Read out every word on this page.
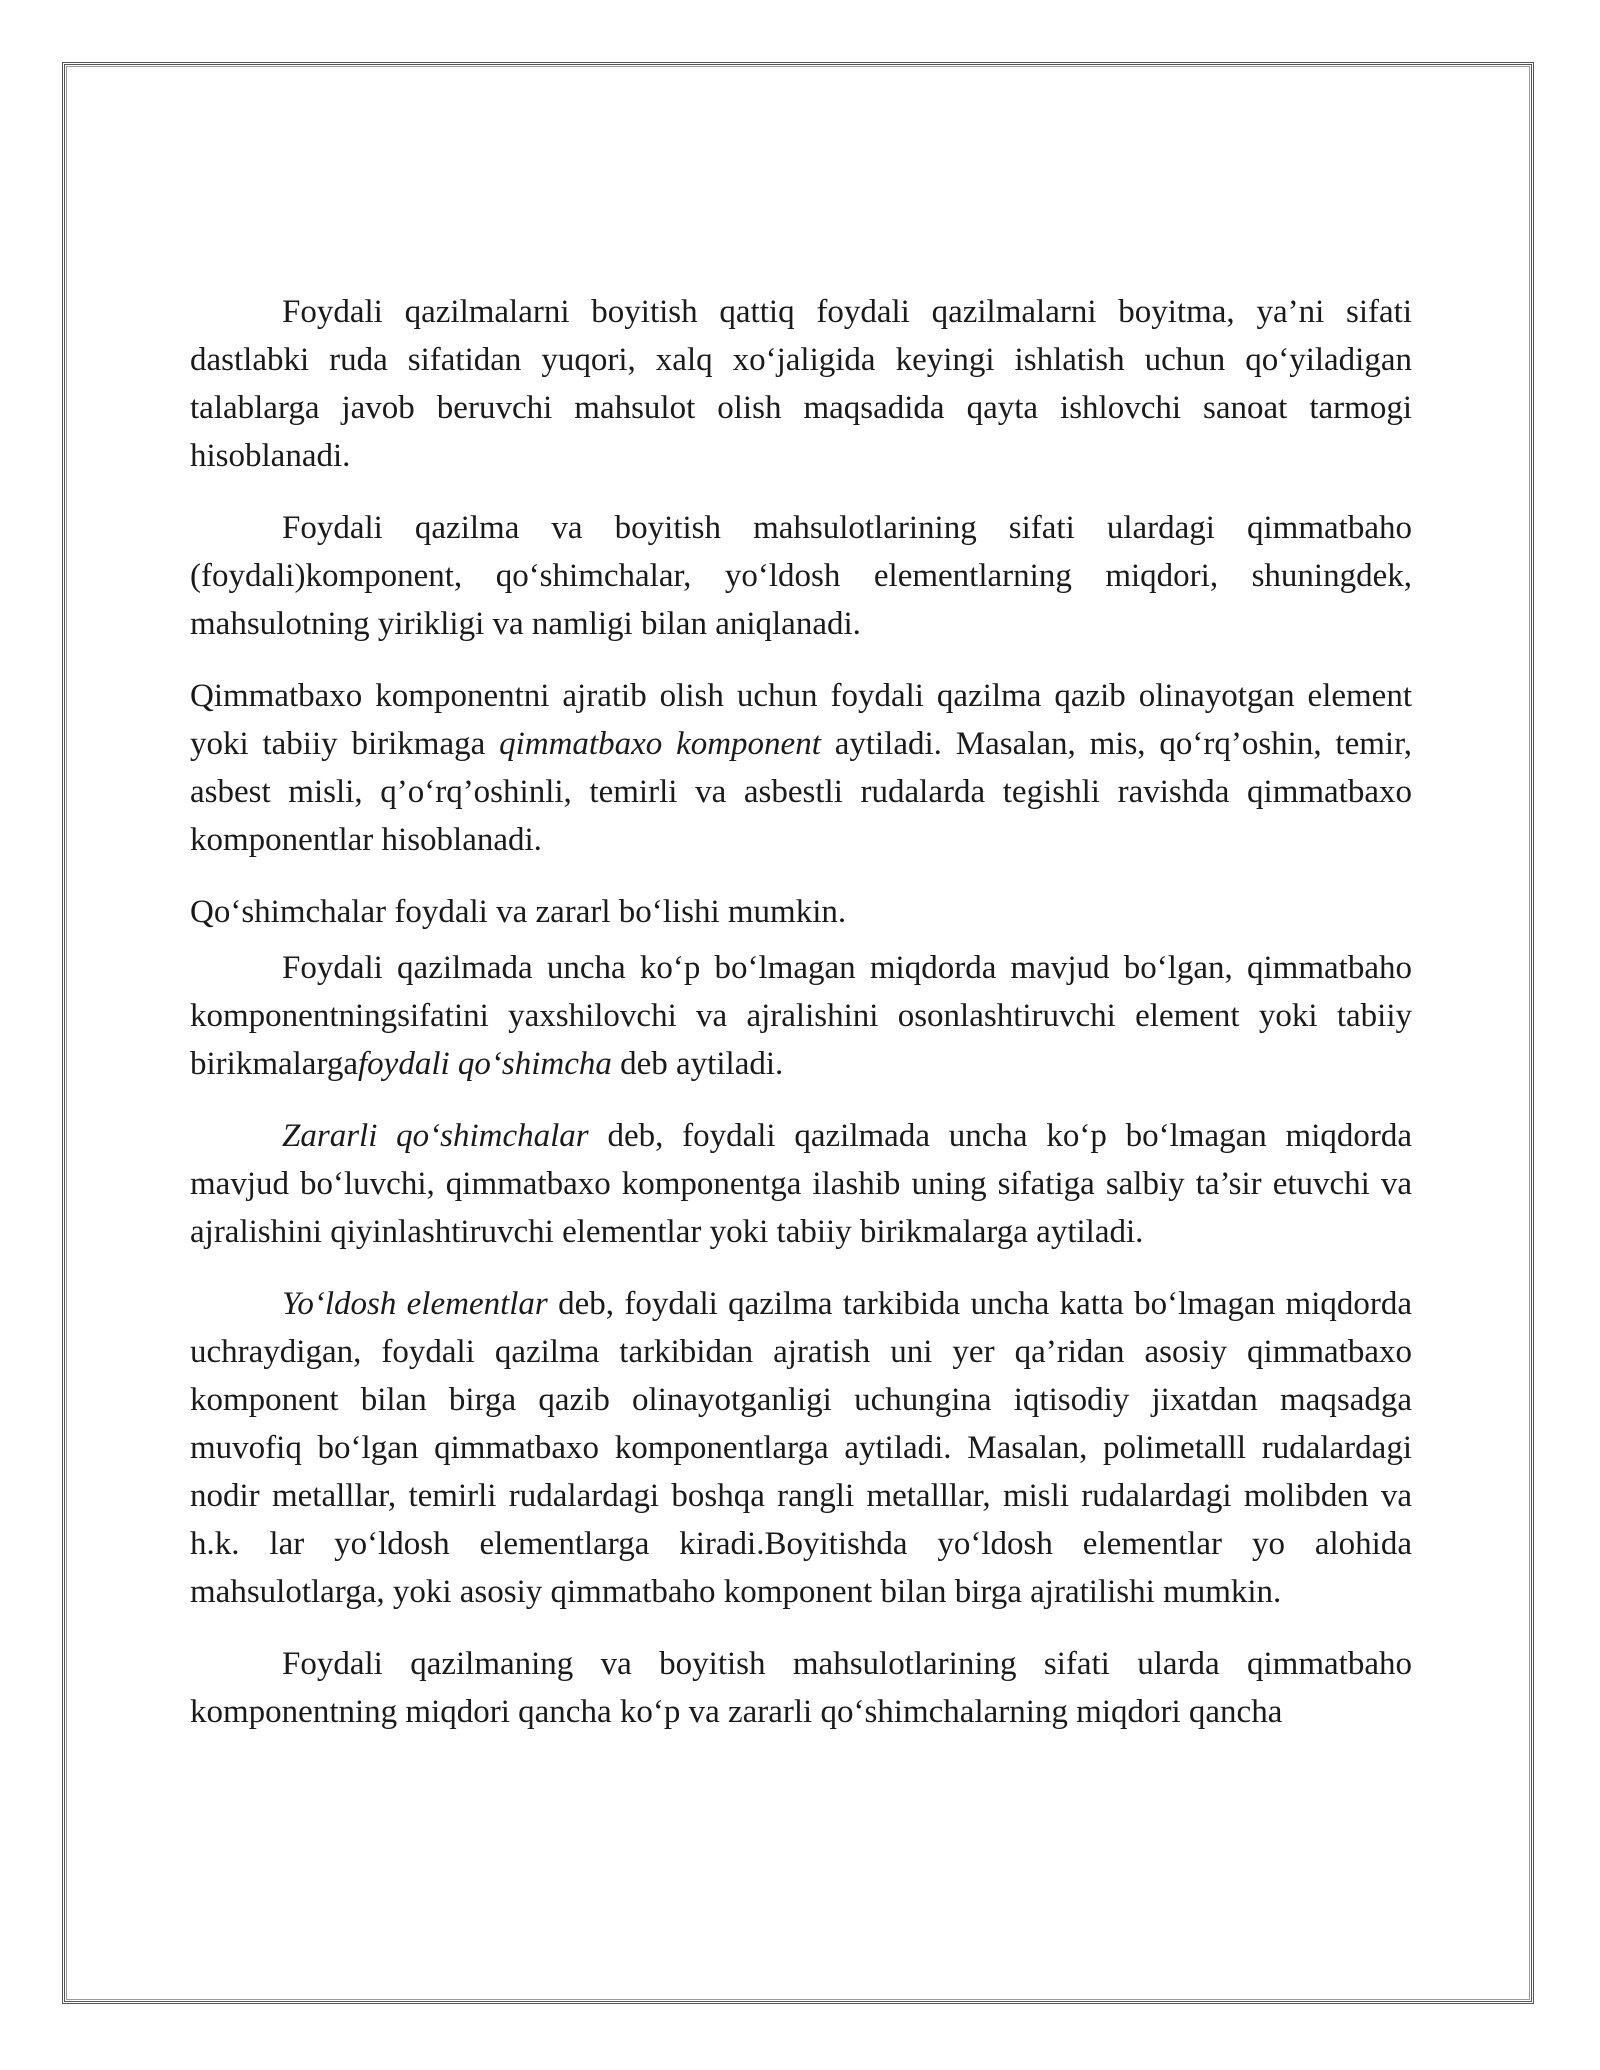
Foydali qazilmalarni boyitish qattiq foydali qazilmalarni boyitma, ya’ni sifati dastlabki ruda sifatidan yuqori, xalq xo‘jaligida keyingi ishlatish uchun qo‘yiladigan talablarga javob beruvchi mahsulot olish maqsadida qayta ishlovchi sanoat tarmogi hisoblanadi.

Foydali qazilma va boyitish mahsulotlarining sifati ulardagi qimmatbaho (foydali)komponent, qo‘shimchalar, yo‘ldosh elementlarning miqdori, shuningdek, mahsulotning yirikligi va namligi bilan aniqlanadi.

Qimmatbaxo komponentni ajratib olish uchun foydali qazilma qazib olinayotgan element yoki tabiiy birikmaga qimmatbaxo komponent aytiladi. Masalan, mis, qo‘rq’oshin, temir, asbest misli, q’o‘rq’oshinli, temirli va asbestli rudalarda tegishli ravishda qimmatbaxo komponentlar hisoblanadi.

Qo‘shimchalar foydali va zararl bo‘lishi mumkin.

Foydali qazilmada uncha ko‘p bo‘lmagan miqdorda mavjud bo‘lgan, qimmatbaho komponentningsifatini yaxshilovchi va ajralishini osonlashtiruvchi element yoki tabiiy birikmalargafoydali qo‘shimcha deb aytiladi.

Zararli qo‘shimchalar deb, foydali qazilmada uncha ko‘p bo‘lmagan miqdorda mavjud bo‘luvchi, qimmatbaxo komponentga ilashib uning sifatiga salbiy ta’sir etuvchi va ajralishini qiyinlashtiruvchi elementlar yoki tabiiy birikmalarga aytiladi.

Yo‘ldosh elementlar deb, foydali qazilma tarkibida uncha katta bo‘lmagan miqdorda uchraydigan, foydali qazilma tarkibidan ajratish uni yer qa’ridan asosiy qimmatbaxo komponent bilan birga qazib olinayotganligi uchungina iqtisodiy jixatdan maqsadga muvofiq bo‘lgan qimmatbaxo komponentlarga aytiladi. Masalan, polimetalll rudalardagi nodir metalllar, temirli rudalardagi boshqa rangli metalllar, misli rudalardagi molibden va h.k. lar yo‘ldosh elementlarga kiradi.Boyitishda yo‘ldosh elementlar yo alohida mahsulotlarga, yoki asosiy qimmatbaho komponent bilan birga ajratilishi mumkin.

Foydali qazilmaning va boyitish mahsulotlarining sifati ularda qimmatbaho komponentning miqdori qancha ko‘p va zararli qo‘shimchalarning miqdori qancha
